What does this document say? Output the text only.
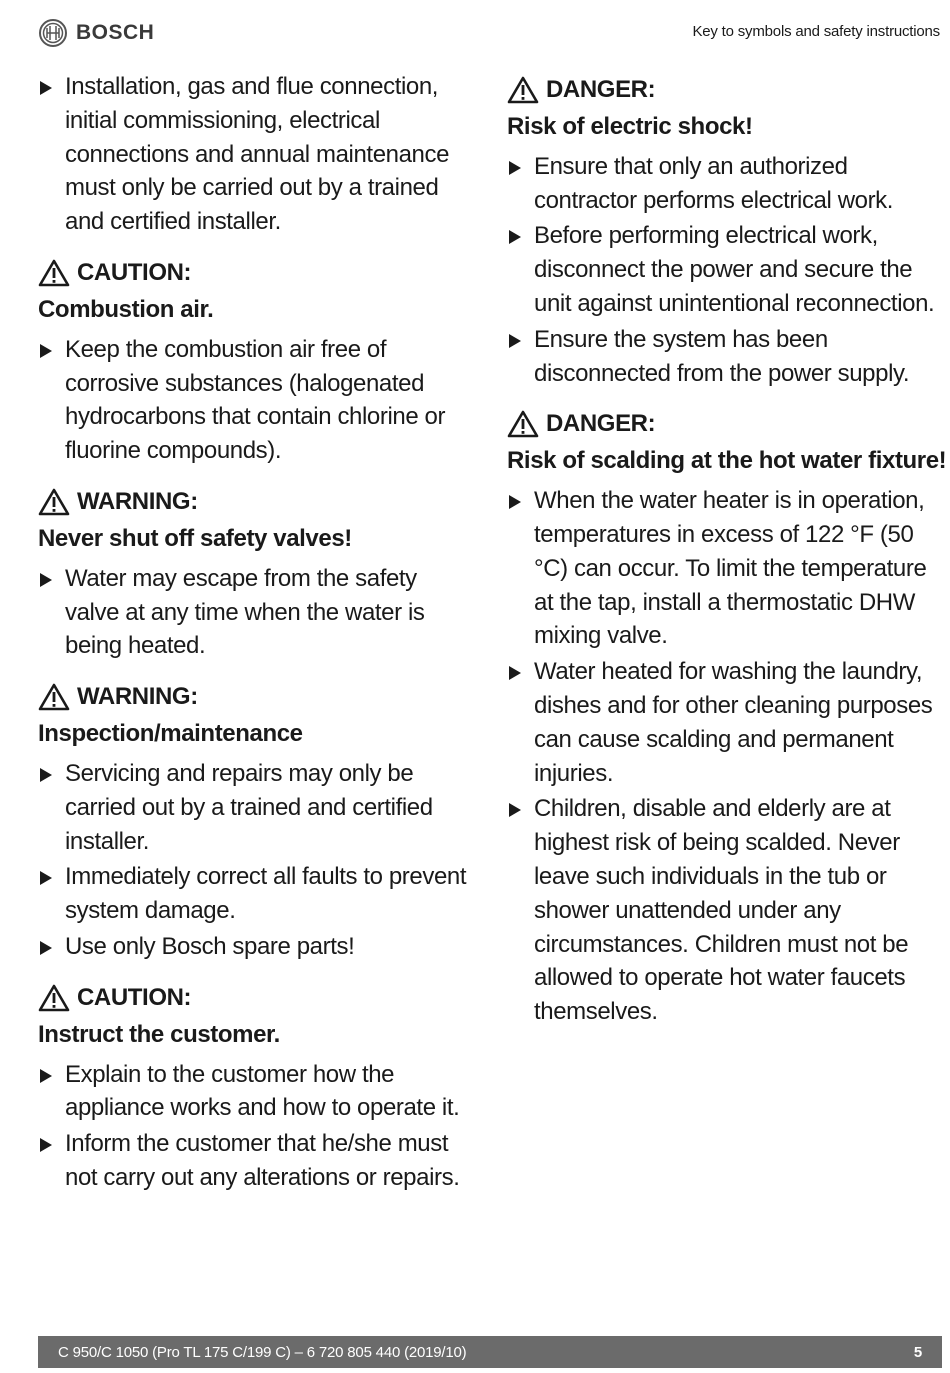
BOSCH	Key to symbols and safety instructions
Installation, gas and flue connection, initial commissioning, electrical connections and annual maintenance must only be carried out by a trained and certified installer.
CAUTION:
Combustion air.
Keep the combustion air free of corrosive substances (halogenated hydrocarbons that contain chlorine or fluorine compounds).
WARNING:
Never shut off safety valves!
Water may escape from the safety valve at any time when the water is being heated.
WARNING:
Inspection/maintenance
Servicing and repairs may only be carried out by a trained and certified installer.
Immediately correct all faults to prevent system damage.
Use only Bosch spare parts!
CAUTION:
Instruct the customer.
Explain to the customer how the appliance works and how to operate it.
Inform the customer that he/she must not carry out any alterations or repairs.
DANGER:
Risk of electric shock!
Ensure that only an authorized contractor performs electrical work.
Before performing electrical work, disconnect the power and secure the unit against unintentional reconnection.
Ensure the system has been disconnected from the power supply.
DANGER:
Risk of scalding at the hot water fixture!
When the water heater is in operation, temperatures in excess of 122 °F (50 °C) can occur. To limit the temperature at the tap, install a thermostatic DHW mixing valve.
Water heated for washing the laundry, dishes and for other cleaning purposes can cause scalding and permanent injuries.
Children, disable and elderly are at highest risk of being scalded. Never leave such individuals in the tub or shower unattended under any circumstances. Children must not be allowed to operate hot water faucets themselves.
C 950/C 1050 (Pro TL 175 C/199 C) – 6 720 805 440 (2019/10)	5
